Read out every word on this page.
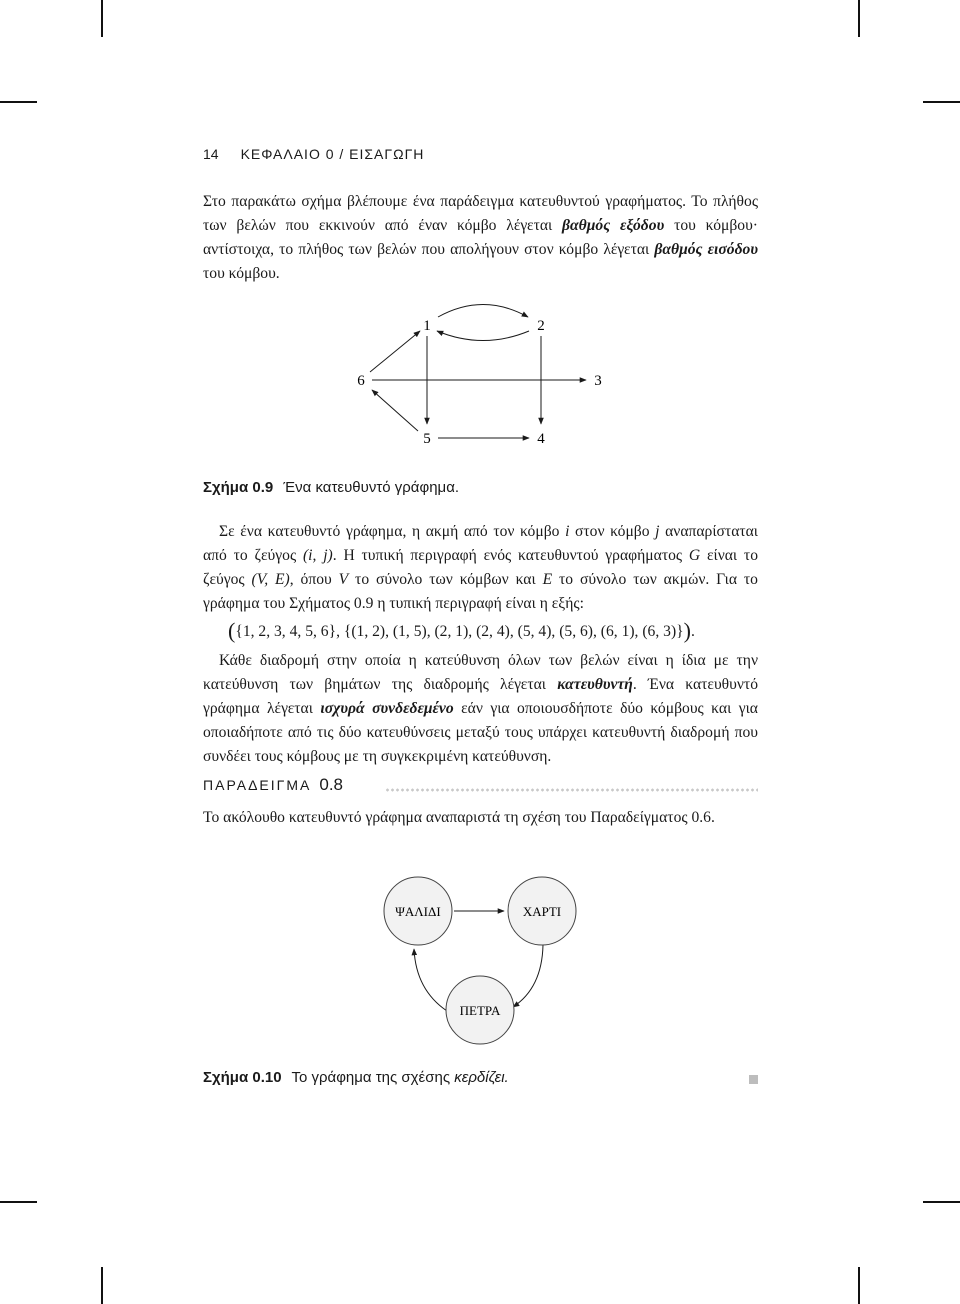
14 ΚΕΦΑΛΑΙΟ 0 / ΕΙΣΑΓΩΓΗ

Στο παρακάτω σχήμα βλέπουμε ένα παράδειγμα κατευθυντού γραφήματος. Το πλήθος των βελών που εκκινούν από έναν κόμβο λέγεται βαθμός εξόδου του κόμβου· αντίστοιχα, το πλήθος των βελών που απολήγουν στον κόμβο λέγεται βαθμός εισόδου του κόμβου.

1	2
3
4
5
6
Σχήμα 0.9 Ένα κατευθυντό γράφημα.

Σε ένα κατευθυντό γράφημα, η ακμή από τον κόμβο i στον κόμβο j αναπαρίσταται από το ζεύγος (i, j). Η τυπική περιγραφή ενός κατευθυντού γραφήματος G είναι το ζεύγος (V, E), όπου V το σύνολο των κόμβων και E το σύνολο των ακμών. Για το γράφημα του Σχήματος 0.9 η τυπική περιγραφή είναι η εξής:

({1, 2, 3, 4, 5, 6}, {(1, 2), (1, 5), (2, 1), (2, 4), (5, 4), (5, 6), (6, 1), (6, 3)}).

Κάθε διαδρομή στην οποία η κατεύθυνση όλων των βελών είναι η ίδια με την κατεύθυνση των βημάτων της διαδρομής λέγεται κατευθυντή. Ένα κατευθυντό γράφημα λέγεται ισχυρά συνδεδεμένο εάν για οποιουσδήποτε δύο κόμβους και για οποιαδήποτε από τις δύο κατευθύνσεις μεταξύ τους υπάρχει κατευθυντή διαδρομή που συνδέει τους κόμβους με τη συγκεκριμένη κατεύθυνση.

ΠΑΡΑΔΕΙΓΜΑ 0.8

Το ακόλουθο κατευθυντό γράφημα αναπαριστά τη σχέση του Παραδείγματος 0.6.

ΨΑΛΙΔΙ	ΧΑΡΤΙ
ΠΕΤΡΑ
Σχήμα 0.10 Το γράφημα της σχέσης κερδίζει.
